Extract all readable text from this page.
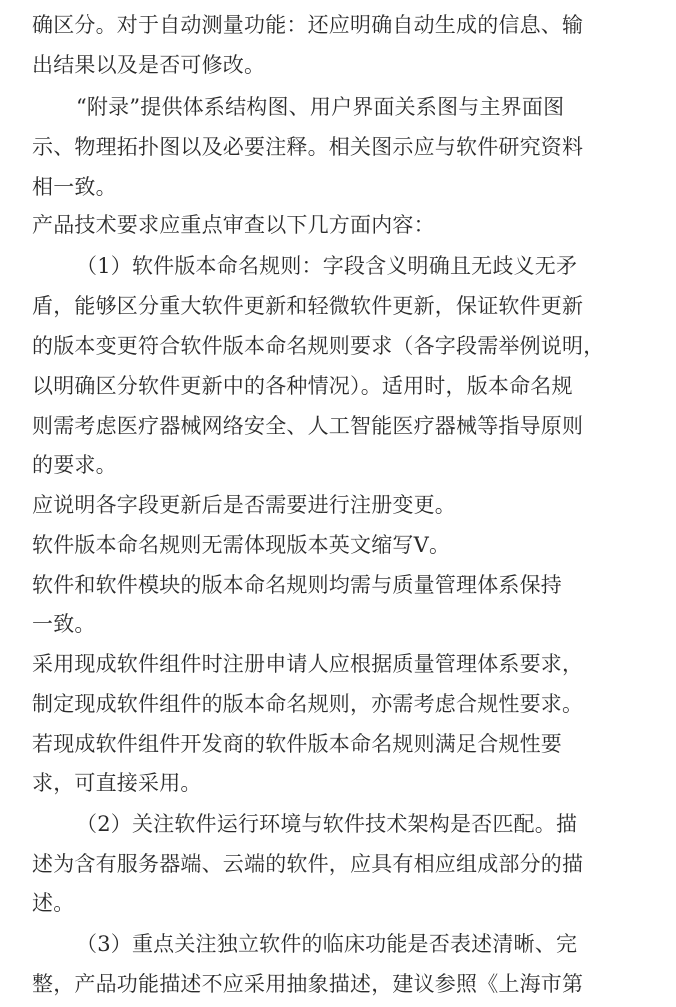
确区分。对于自动测量功能：还应明确自动生成的信息、输
出结果以及是否可修改。
“附录”提供体系结构图、用户界面关系图与主界面图
示、物理拓扑图以及必要注释。相关图示应与软件研究资料
相一致。
产品技术要求应重点审查以下几方面内容：
（1）软件版本命名规则：字段含义明确且无歧义无矛
盾，能够区分重大软件更新和轻微软件更新，保证软件更新
的版本变更符合软件版本命名规则要求（各字段需举例说明，
以明确区分软件更新中的各种情况）。适用时，版本命名规
则需考虑医疗器械网络安全、人工智能医疗器械等指导原则
的要求。
应说明各字段更新后是否需要进行注册变更。
软件版本命名规则无需体现版本英文缩写V。
软件和软件模块的版本命名规则均需与质量管理体系保持
一致。
采用现成软件组件时注册申请人应根据质量管理体系要求，
制定现成软件组件的版本命名规则，亦需考虑合规性要求。
若现成软件组件开发商的软件版本命名规则满足合规性要
求，可直接采用。
（2）关注软件运行环境与软件技术架构是否匹配。描
述为含有服务器端、云端的软件，应具有相应组成部分的描
述。
（3）重点关注独立软件的临床功能是否表述清晰、完
整，产品功能描述不应采用抽象描述，建议参照《上海市第
